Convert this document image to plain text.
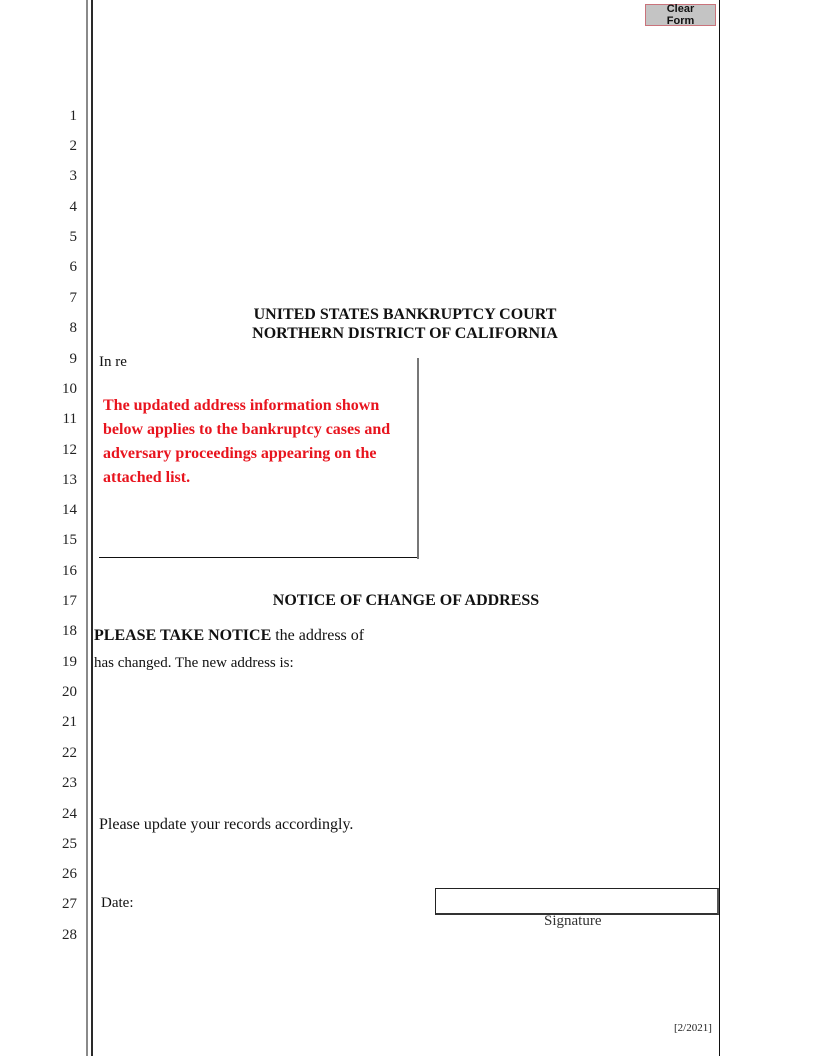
1
2
3
4
5
6
7
8
9
10
11
12
13
14
15
16
17
18
19
20
21
22
23
24
25
26
27
28
Clear Form
UNITED STATES BANKRUPTCY COURT
NORTHERN DISTRICT OF CALIFORNIA
In re
The updated address information shown below applies to the bankruptcy cases and adversary proceedings appearing on the attached list.
NOTICE OF CHANGE OF ADDRESS
PLEASE TAKE NOTICE the address of
has changed. The new address is:
Please update your records accordingly.
Date:
Signature
[2/2021]
